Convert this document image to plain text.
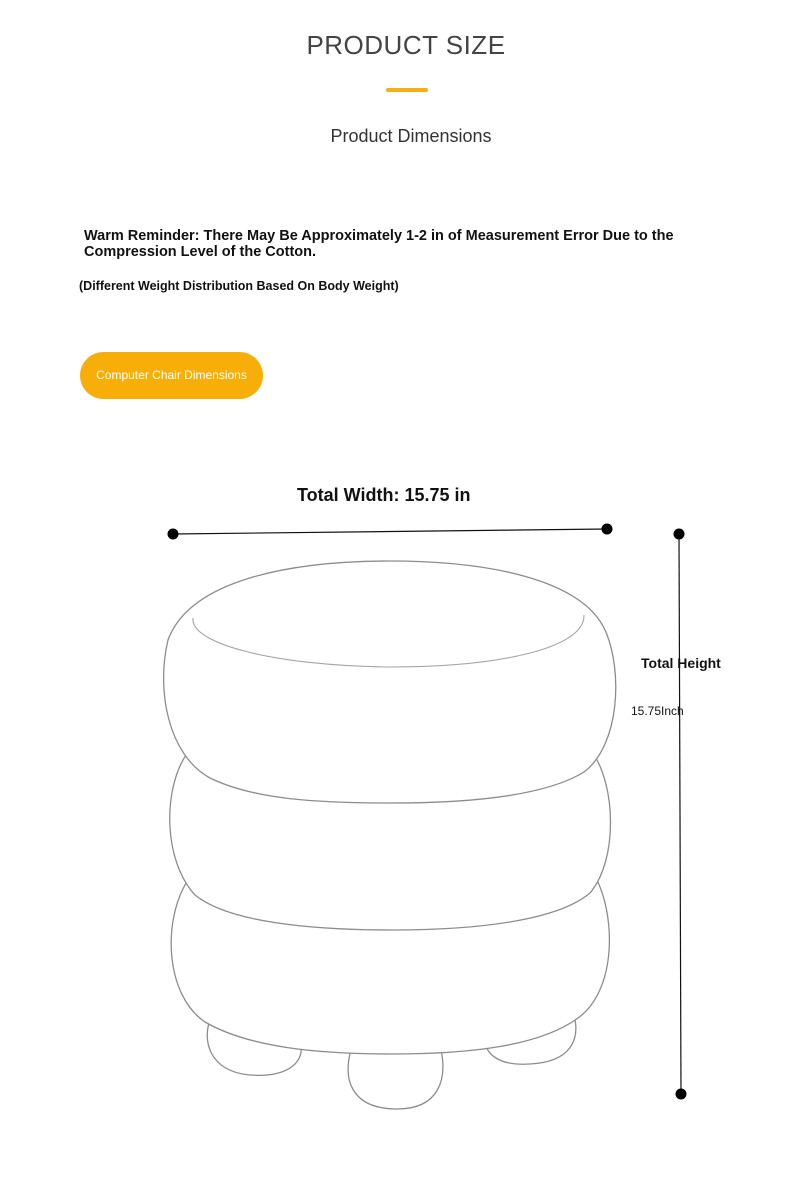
PRODUCT SIZE
Product Dimensions
Warm Reminder: There May Be Approximately 1-2 in of Measurement Error Due to the Compression Level of the Cotton.
(Different Weight Distribution Based On Body Weight)
Computer Chair Dimensions
Total Width: 15.75 in
Total Height
15.75Inch
